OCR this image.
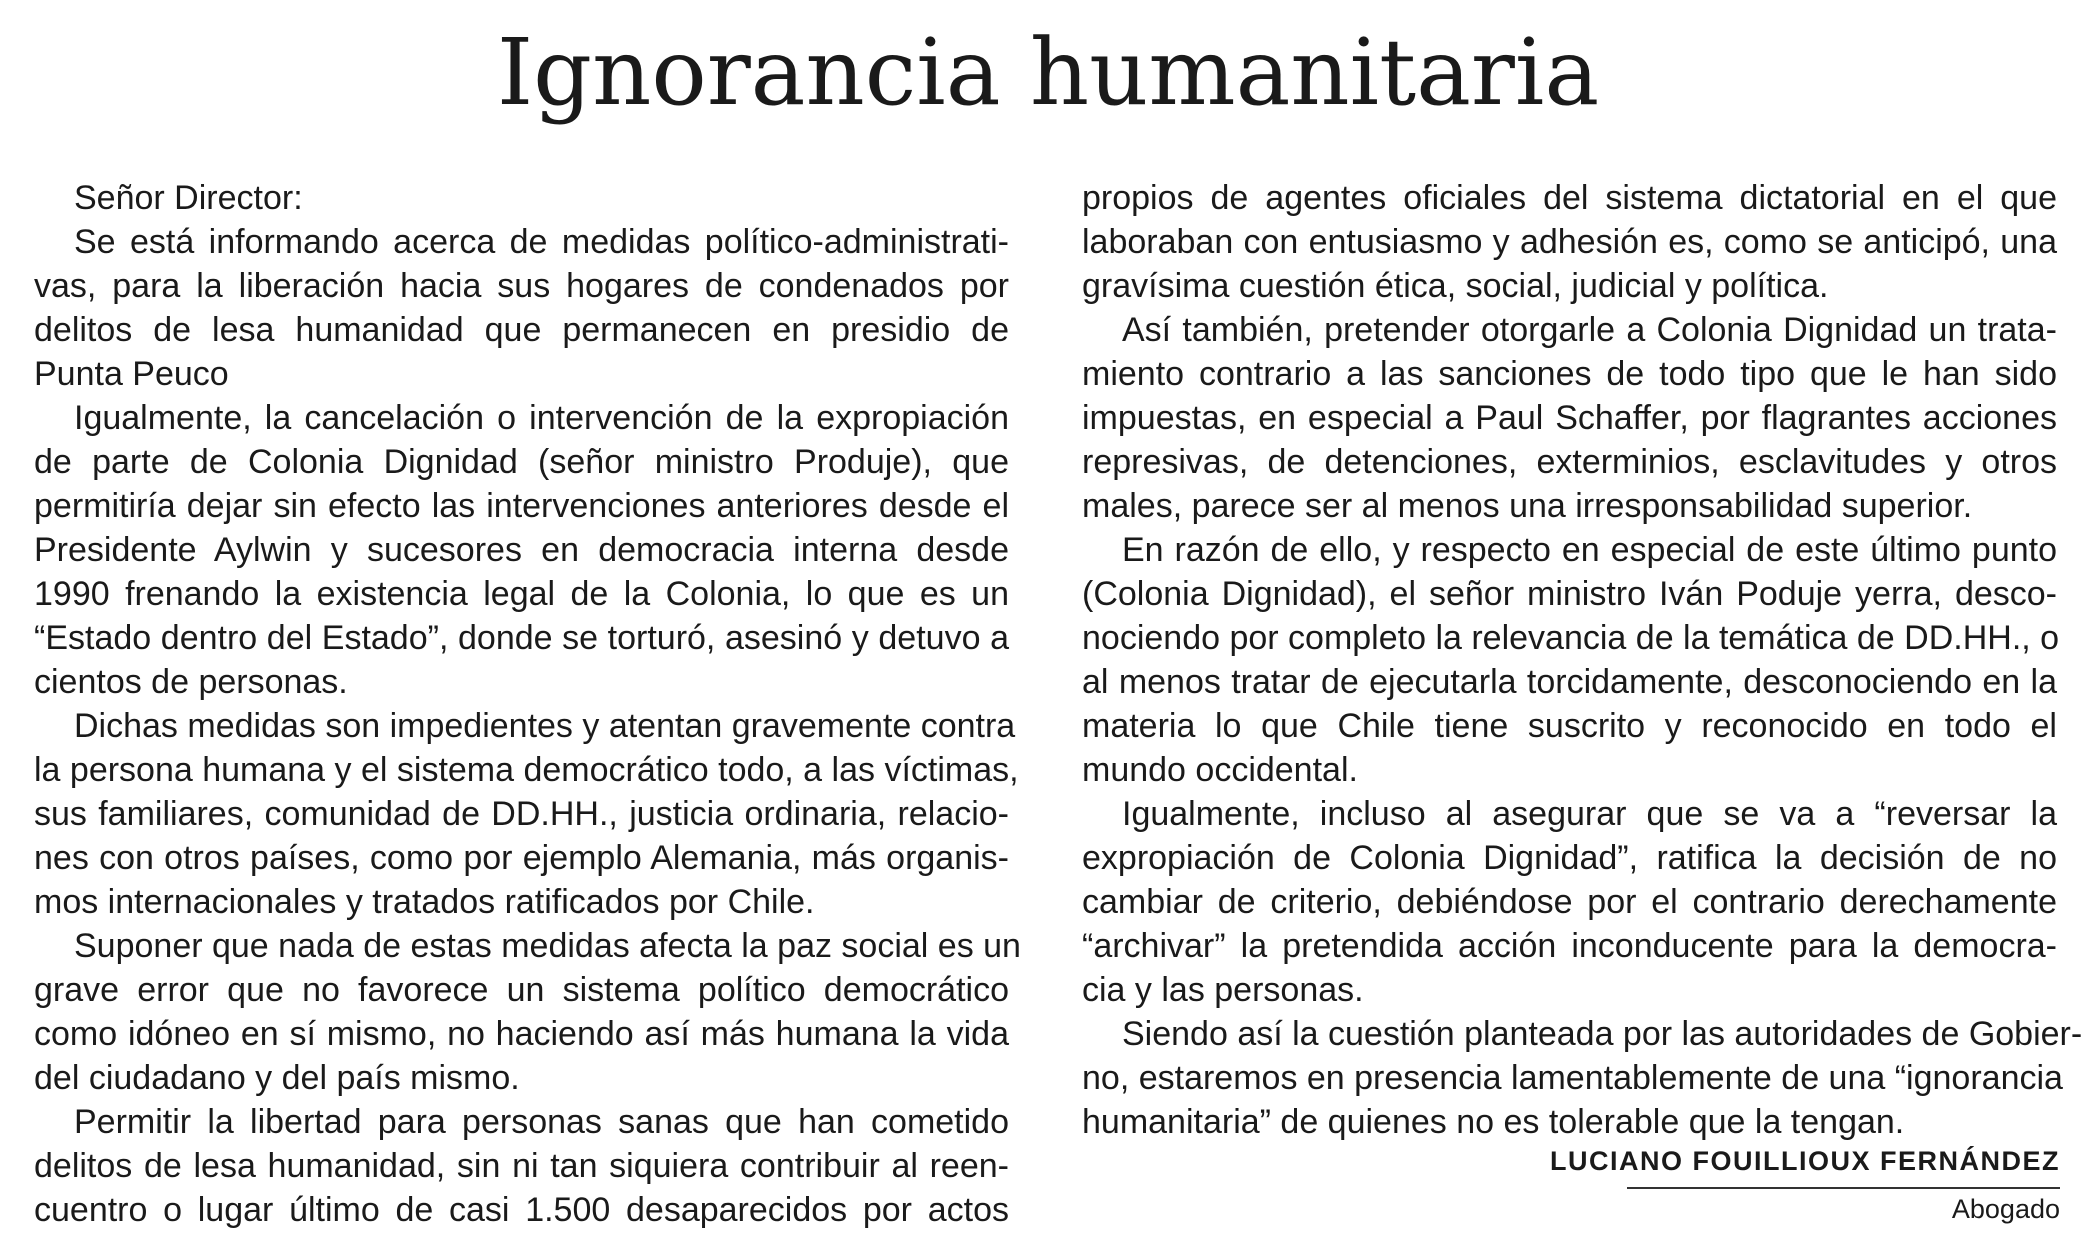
Ignorancia humanitaria
Señor Director:
Se está informando acerca de medidas político-administrati-
vas, para la liberación hacia sus hogares de condenados por
delitos de lesa humanidad que permanecen en presidio de
Punta Peuco
Igualmente, la cancelación o intervención de la expropiación
de parte de Colonia Dignidad (señor ministro Produje), que
permitiría dejar sin efecto las intervenciones anteriores desde el
Presidente Aylwin y sucesores en democracia interna desde
1990 frenando la existencia legal de la Colonia, lo que es un
“Estado dentro del Estado”, donde se torturó, asesinó y detuvo a
cientos de personas.
Dichas medidas son impedientes y atentan gravemente contra
la persona humana y el sistema democrático todo, a las víctimas,
sus familiares, comunidad de DD.HH., justicia ordinaria, relacio-
nes con otros países, como por ejemplo Alemania, más organis-
mos internacionales y tratados ratificados por Chile.
Suponer que nada de estas medidas afecta la paz social es un
grave error que no favorece un sistema político democrático
como idóneo en sí mismo, no haciendo así más humana la vida
del ciudadano y del país mismo.
Permitir la libertad para personas sanas que han cometido
delitos de lesa humanidad, sin ni tan siquiera contribuir al reen-
cuentro o lugar último de casi 1.500 desaparecidos por actos
propios de agentes oficiales del sistema dictatorial en el que
laboraban con entusiasmo y adhesión es, como se anticipó, una
gravísima cuestión ética, social, judicial y política.
Así también, pretender otorgarle a Colonia Dignidad un trata-
miento contrario a las sanciones de todo tipo que le han sido
impuestas, en especial a Paul Schaffer, por flagrantes acciones
represivas, de detenciones, exterminios, esclavitudes y otros
males, parece ser al menos una irresponsabilidad superior.
En razón de ello, y respecto en especial de este último punto
(Colonia Dignidad), el señor ministro Iván Poduje yerra, desco-
nociendo por completo la relevancia de la temática de DD.HH., o
al menos tratar de ejecutarla torcidamente, desconociendo en la
materia lo que Chile tiene suscrito y reconocido en todo el
mundo occidental.
Igualmente, incluso al asegurar que se va a “reversar la
expropiación de Colonia Dignidad”, ratifica la decisión de no
cambiar de criterio, debiéndose por el contrario derechamente
“archivar” la pretendida acción inconducente para la democra-
cia y las personas.
Siendo así la cuestión planteada por las autoridades de Gobier-
no, estaremos en presencia lamentablemente de una “ignorancia
humanitaria” de quienes no es tolerable que la tengan.
LUCIANO FOUILLIOUX FERNÁNDEZ
Abogado
